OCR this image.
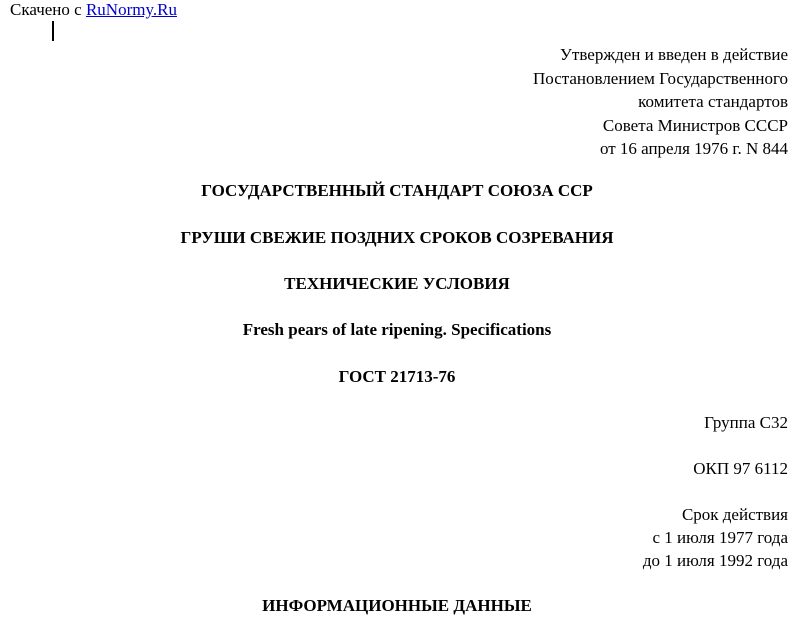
Скачено с RuNormy.Ru
Утвержден и введен в действие
Постановлением Государственного
комитета стандартов
Совета Министров СССР
от 16 апреля 1976 г. N 844
ГОСУДАРСТВЕННЫЙ СТАНДАРТ СОЮЗА ССР
ГРУШИ СВЕЖИЕ ПОЗДНИХ СРОКОВ СОЗРЕВАНИЯ
ТЕХНИЧЕСКИЕ УСЛОВИЯ
Fresh pears of late ripening. Specifications
ГОСТ 21713-76
Группа С32
ОКП 97 6112
Срок действия
с 1 июля 1977 года
до 1 июля 1992 года
ИНФОРМАЦИОННЫЕ ДАННЫЕ
